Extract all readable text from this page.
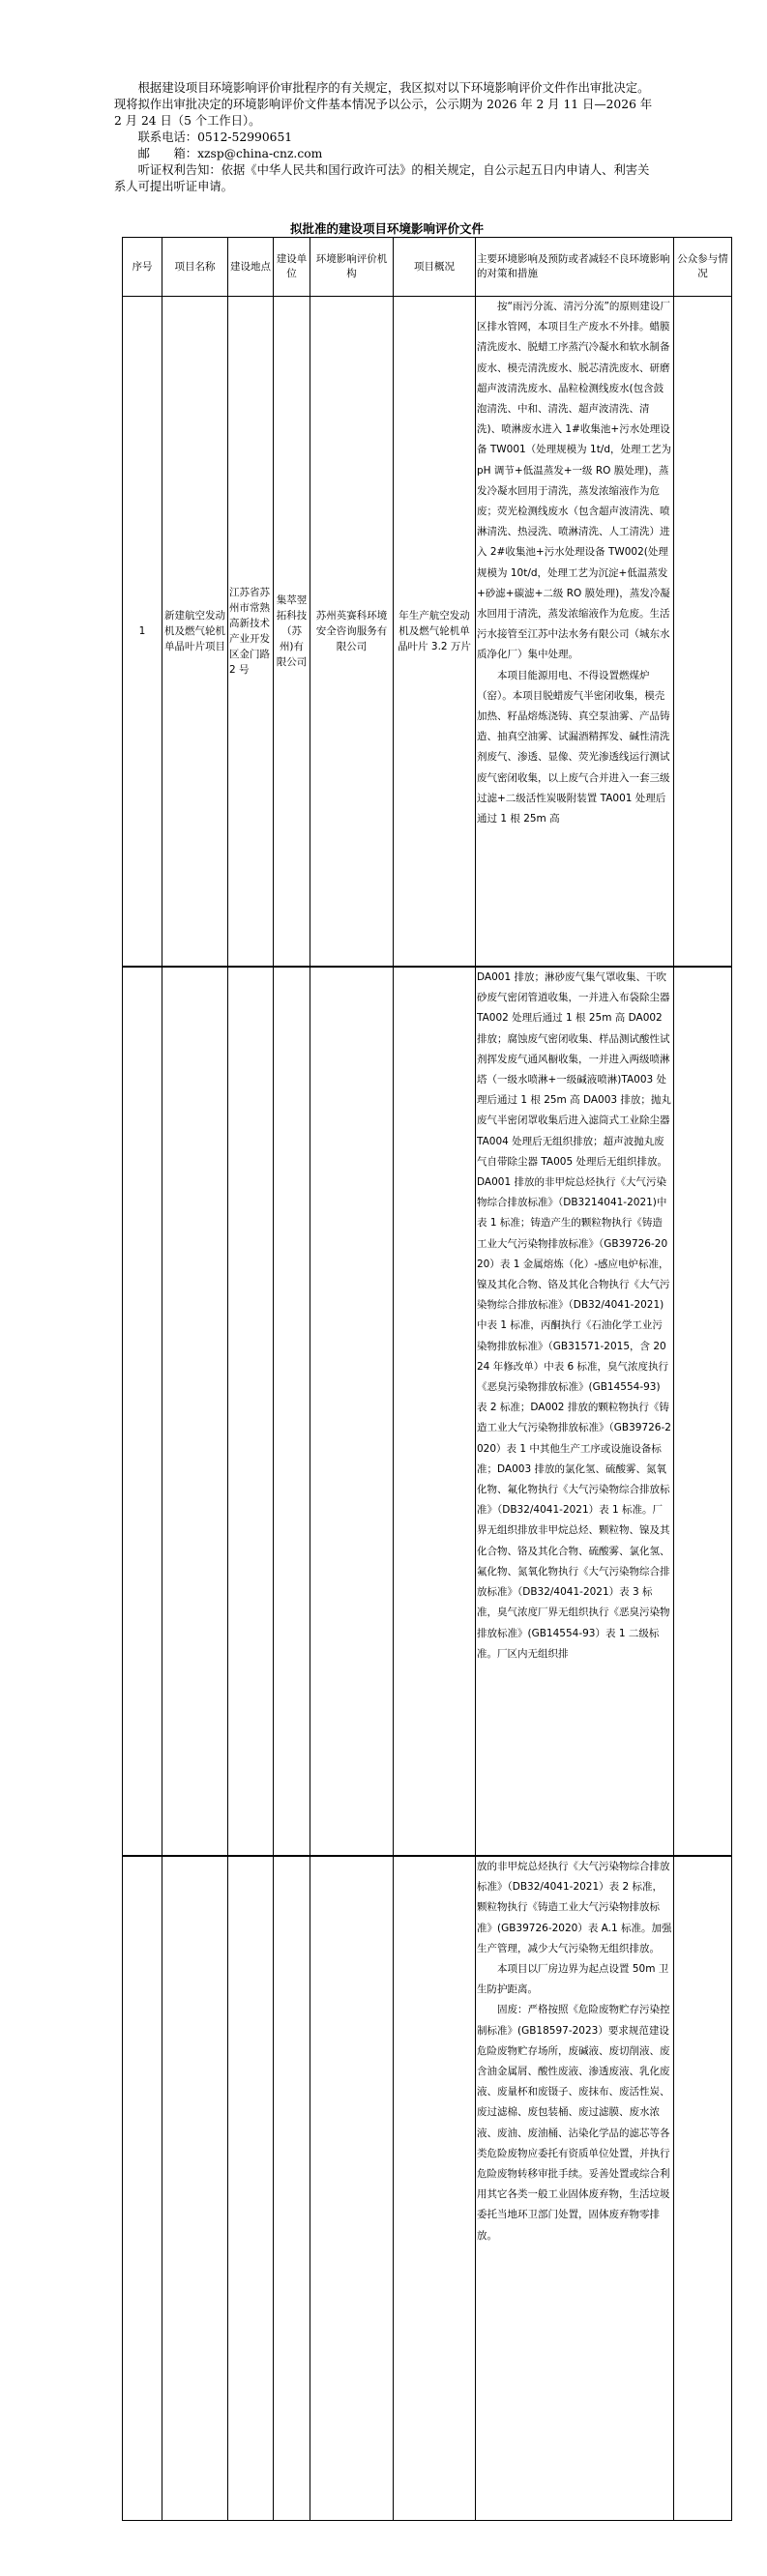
根据建设项目环境影响评价审批程序的有关规定，我区拟对以下环境影响评价文件作出审批决定。现将拟作出审批决定的环境影响评价文件基本情况予以公示，公示期为 2026 年 2 月 11 日—2026 年 2 月 24 日（5 个工作日）。

联系电话：0512-52990651

邮　　箱：xzsp@china-cnz.com

听证权利告知：依据《中华人民共和国行政许可法》的相关规定，自公示起五日内申请人、利害关系人可提出听证申请。

拟批准的建设项目环境影响评价文件
序号	项目名称	建设地点	建设单位	环境影响评价机构	项目概况	主要环境影响及预防或者减轻不良环境影响的对策和措施	公众参与情况
1	新建航空发动机及燃气轮机单晶叶片项目	江苏省苏州市常熟高新技术产业开发区金门路 2 号	集萃翌拓科技（苏州)有限公司	苏州英赛科环境安全咨询服务有限公司	年生产航空发动机及燃气轮机单晶叶片 3.2 万片	按“雨污分流、清污分流”的原则建设厂区排水管网，本项目生产废水不外排。蜡膜清洗废水、脱蜡工序蒸汽冷凝水和软水制备废水、模壳清洗废水、脱芯清洗废水、研磨超声波清洗废水、晶粒检测线废水(包含鼓泡清洗、中和、清洗、超声波清洗、清洗)、喷淋废水进入 1#收集池+污水处理设备 TW001（处理规模为 1t/d，处理工艺为 pH 调节+低温蒸发+一级 RO 膜处理)，蒸发冷凝水回用于清洗，蒸发浓缩液作为危废；荧光检测线废水（包含超声波清洗、喷淋清洗、热浸洗、喷淋清洗、人工清洗）进入 2#收集池+污水处理设备 TW002(处理规模为 10t/d，处理工艺为沉淀+低温蒸发+砂滤+碳滤+二级 RO 膜处理)，蒸发冷凝水回用于清洗，蒸发浓缩液作为危废。生活污水接管至江苏中法水务有限公司（城东水质净化厂）集中处理。
本项目能源用电、不得设置燃煤炉（窑）。本项目脱蜡废气半密闭收集，模壳加热、籽晶熔炼浇铸、真空泵油雾、产品铸造、抽真空油雾、试漏酒精挥发、碱性清洗剂废气、渗透、显像、荧光渗透线运行测试废气密闭收集，以上废气合并进入一套三级过滤+二级活性炭吸附装置 TA001 处理后通过 1 根 25m 高	

						DA001 排放；淋砂废气集气罩收集、干吹砂废气密闭管道收集，一并进入布袋除尘器 TA002 处理后通过 1 根 25m 高 DA002 排放；腐蚀废气密闭收集、样品测试酸性试剂挥发废气通风橱收集，一并进入两级喷淋塔（一级水喷淋+一级碱液喷淋)TA003 处理后通过 1 根 25m 高 DA003 排放；抛丸废气半密闭罩收集后进入滤筒式工业除尘器 TA004 处理后无组织排放；超声波抛丸废气自带除尘器 TA005 处理后无组织排放。DA001 排放的非甲烷总烃执行《大气污染物综合排放标准》（DB3214041-2021)中表 1 标准；铸造产生的颗粒物执行《铸造工业大气污染物排放标准》（GB39726-2020）表 1 金属熔炼（化）-感应电炉标准，镍及其化合物、铬及其化合物执行《大气污染物综合排放标准》（DB32/4041-2021)中表 1 标准，丙酮执行《石油化学工业污染物排放标准》（GB31571-2015，含 2024 年修改单）中表 6 标准，臭气浓度执行《恶臭污染物排放标准》(GB14554-93) 表 2 标准；DA002 排放的颗粒物执行《铸造工业大气污染物排放标准》（GB39726-2020）表 1 中其他生产工序或设施设备标准；DA003 排放的氯化氢、硫酸雾、氮氧化物、氟化物执行《大气污染物综合排放标准》（DB32/4041-2021）表 1 标准。厂界无组织排放非甲烷总烃、颗粒物、镍及其化合物、铬及其化合物、硫酸雾、氯化氢、氟化物、氮氧化物执行《大气污染物综合排放标准》（DB32/4041-2021）表 3 标准，臭气浓度厂界无组织执行《恶臭污染物排放标准》(GB14554-93）表 1 二级标准。厂区内无组织排	

						放的非甲烷总烃执行《大气污染物综合排放标准》（DB32/4041-2021）表 2 标准，颗粒物执行《铸造工业大气污染物排放标准》(GB39726-2020）表 A.1 标准。加强生产管理，减少大气污染物无组织排放。
本项目以厂房边界为起点设置 50m 卫生防护距离。
固废：严格按照《危险废物贮存污染控制标准》(GB18597-2023）要求规范建设危险废物贮存场所，废碱液、废切削液、废含油金属屑、酸性废液、渗透废液、乳化废液、废量杯和废镊子、废抹布、废活性炭、废过滤棉、废包装桶、废过滤膜、废水浓液、废油、废油桶、沾染化学品的滤芯等各类危险废物应委托有资质单位处置，并执行危险废物转移审批手续。妥善处置或综合利用其它各类一般工业固体废弃物，生活垃圾委托当地环卫部门处置，固体废弃物零排放。	
